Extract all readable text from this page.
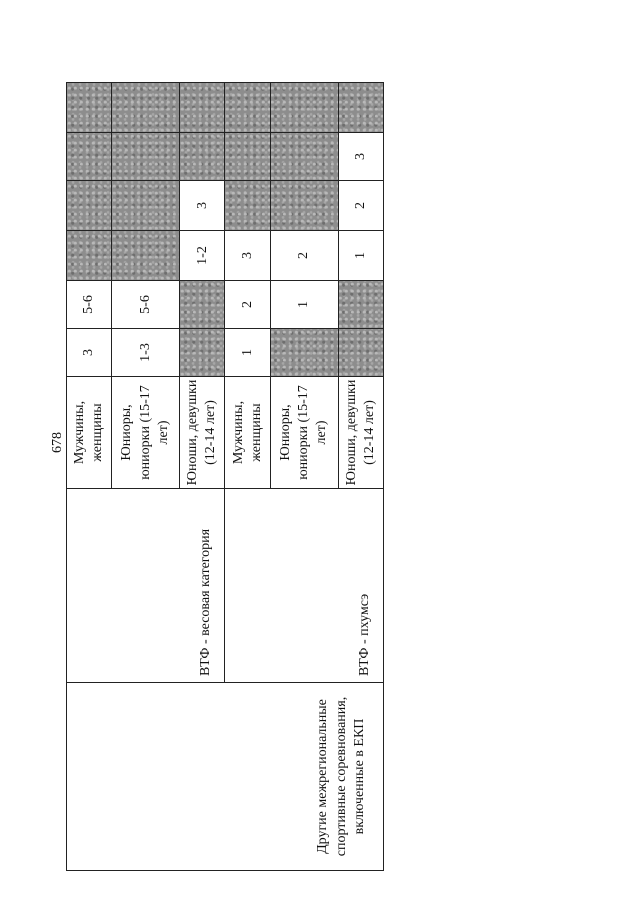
678
Другие межрегиональные спортивные соревнования, включенные в ЕКП	ВТФ - весовая категория	Мужчины, женщины	3	5-6				
		Юниоры, юниорки (15-17 лет)	1-3	5-6				
		Юноши, девушки (12-14 лет)			1-2	3		
	ВТФ - пхумсэ	Мужчины, женщины	1	2	3			
		Юниоры, юниорки (15-17 лет)		1	2			
		Юноши, девушки (12-14 лет)			1	2	3	
